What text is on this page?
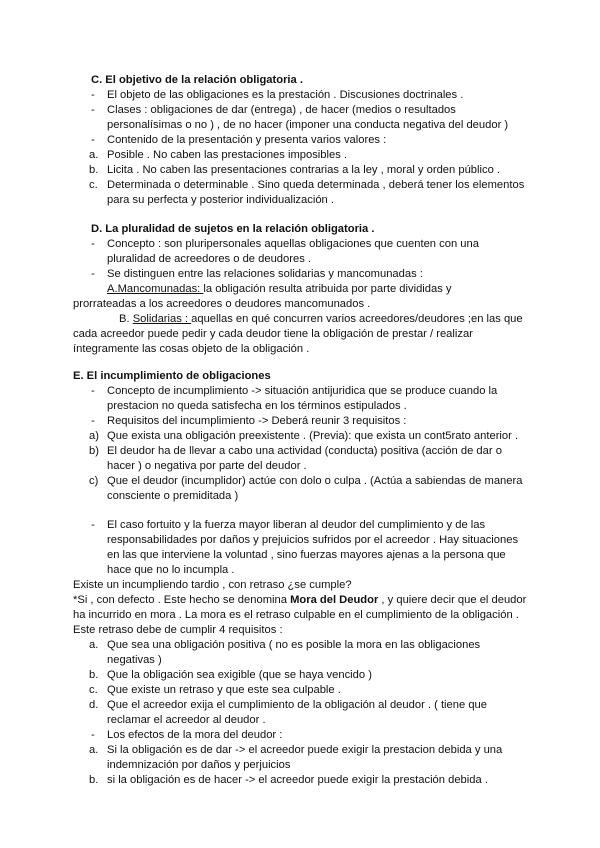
C. El objetivo de la relación obligatoria .
- El objeto de las obligaciones es la prestación . Discusiones doctrinales .
- Clases : obligaciones de dar (entrega) , de hacer (medios o resultados
personalísimas o no ) , de no hacer (imponer una conducta negativa del deudor )
- Contenido de la presentación y presenta varios valores :
a. Posible . No caben las prestaciones imposibles .
b. Licita . No caben las presentaciones contrarias a la ley , moral y orden público .
c. Determinada o determinable . Sino queda determinada , deberá tener los elementos
para su perfecta y posterior individualización .
D. La pluralidad de sujetos en la relación obligatoria .
- Concepto : son pluripersonales aquellas obligaciones que cuenten con una
pluralidad de acreedores o de deudores .
- Se distinguen entre las relaciones solidarias y mancomunadas :
A.Mancomunadas: la obligación resulta atribuida por parte divididas y
prorrateadas a los acreedores o deudores mancomunados .
B. Solidarias : aquellas en qué concurren varios acreedores/deudores ;en las que
cada acreedor puede pedir y cada deudor tiene la obligación de prestar / realizar
íntegramente las cosas objeto de la obligación .
E. El incumplimiento de obligaciones
- Concepto de incumplimiento -> situación antijuridica que se produce cuando la
prestacion no queda satisfecha en los términos estipulados .
- Requisitos del incumplimiento -> Deberá reunir 3 requisitos :
a) Que exista una obligación preexistente . (Previa): que exista un cont5rato anterior .
b) El deudor ha de llevar a cabo una actividad (conducta) positiva (acción de dar o
hacer ) o negativa por parte del deudor .
c) Que el deudor (incumplidor) actúe con dolo o culpa . (Actúa a sabiendas de manera
consciente o premiditada )
- El caso fortuito y la fuerza mayor liberan al deudor del cumplimiento y de las
responsabilidades por daños y prejuicios sufridos por el acreedor . Hay situaciones
en las que interviene la voluntad , sino fuerzas mayores ajenas a la persona que
hace que no lo incumpla .
Existe un incumpliendo tardio , con retraso ¿se cumple?
*Si , con defecto . Este hecho se denomina Mora del Deudor , y quiere decir que el deudor
ha incurrido en mora . La mora es el retraso culpable en el cumplimiento de la obligación .
Este retraso debe de cumplir 4 requisitos :
a. Que sea una obligación positiva ( no es posible la mora en las obligaciones
negativas )
b. Que la obligación sea exigible (que se haya vencido )
c. Que existe un retraso y que este sea culpable .
d. Que el acreedor exija el cumplimiento de la obligación al deudor . ( tiene que
reclamar el acreedor al deudor .
- Los efectos de la mora del deudor :
a. Si la obligación es de dar -> el acreedor puede exigir la prestacion debida y una
indemnización por daños y perjuicios
b. si la obligación es de hacer -> el acreedor puede exigir la prestación debida .
